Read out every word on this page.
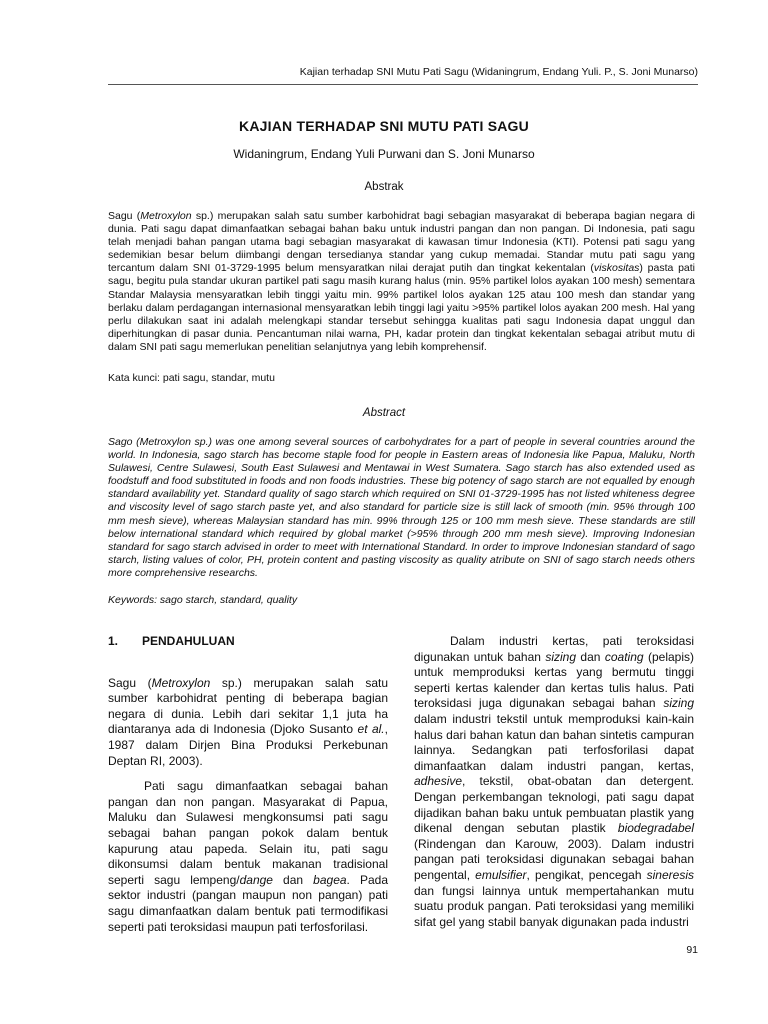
Kajian terhadap SNI Mutu Pati Sagu (Widaningrum, Endang Yuli. P., S. Joni Munarso)
KAJIAN TERHADAP SNI MUTU PATI SAGU
Widaningrum, Endang Yuli Purwani dan S. Joni Munarso
Abstrak

Sagu (Metroxylon sp.) merupakan salah satu sumber karbohidrat bagi sebagian masyarakat di beberapa bagian negara di dunia. Pati sagu dapat dimanfaatkan sebagai bahan baku untuk industri pangan dan non pangan. Di Indonesia, pati sagu telah menjadi bahan pangan utama bagi sebagian masyarakat di kawasan timur Indonesia (KTI). Potensi pati sagu yang sedemikian besar belum diimbangi dengan tersedianya standar yang cukup memadai. Standar mutu pati sagu yang tercantum dalam SNI 01-3729-1995 belum mensyaratkan nilai derajat putih dan tingkat kekentalan (viskositas) pasta pati sagu, begitu pula standar ukuran partikel pati sagu masih kurang halus (min. 95% partikel lolos ayakan 100 mesh) sementara Standar Malaysia mensyaratkan lebih tinggi yaitu min. 99% partikel lolos ayakan 125 atau 100 mesh dan standar yang berlaku dalam perdagangan internasional mensyaratkan lebih tinggi lagi yaitu >95% partikel lolos ayakan 200 mesh. Hal yang perlu dilakukan saat ini adalah melengkapi standar tersebut sehingga kualitas pati sagu Indonesia dapat unggul dan diperhitungkan di pasar dunia. Pencantuman nilai warna, PH, kadar protein dan tingkat kekentalan sebagai atribut mutu di dalam SNI pati sagu memerlukan penelitian selanjutnya yang lebih komprehensif.

Kata kunci: pati sagu, standar, mutu

Abstract

Sago (Metroxylon sp.) was one among several sources of carbohydrates for a part of people in several countries around the world. In Indonesia, sago starch has become staple food for people in Eastern areas of Indonesia like Papua, Maluku, North Sulawesi, Centre Sulawesi, South East Sulawesi and Mentawai in West Sumatera. Sago starch has also extended used as foodstuff and food substituted in foods and non foods industries. These big potency of sago starch are not equalled by enough standard availability yet. Standard quality of sago starch which required on SNI 01-3729-1995 has not listed whiteness degree and viscosity level of sago starch paste yet, and also standard for particle size is still lack of smooth (min. 95% through 100 mm mesh sieve), whereas Malaysian standard has min. 99% through 125 or 100 mm mesh sieve. These standards are still below international standard which required by global market (>95% through 200 mm mesh sieve). Improving Indonesian standard for sago starch advised in order to meet with International Standard. In order to improve Indonesian standard of sago starch, listing values of color, PH, protein content and pasting viscosity as quality atribute on SNI of sago starch needs others more comprehensive researchs.

Keywords: sago starch, standard, quality

1.	PENDAHULUAN

Sagu (Metroxylon sp.) merupakan salah satu sumber karbohidrat penting di beberapa bagian negara di dunia. Lebih dari sekitar 1,1 juta ha diantaranya ada di Indonesia (Djoko Susanto et al., 1987 dalam Dirjen Bina Produksi Perkebunan Deptan RI, 2003).

Pati sagu dimanfaatkan sebagai bahan pangan dan non pangan. Masyarakat di Papua, Maluku dan Sulawesi mengkonsumsi pati sagu sebagai bahan pangan pokok dalam bentuk kapurung atau papeda. Selain itu, pati sagu dikonsumsi dalam bentuk makanan tradisional seperti sagu lempeng/dange dan bagea. Pada sektor industri (pangan maupun non pangan) pati sagu dimanfaatkan dalam bentuk pati termodifikasi seperti pati teroksidasi maupun pati terfosforilasi.

Dalam industri kertas, pati teroksidasi digunakan untuk bahan sizing dan coating (pelapis) untuk memproduksi kertas yang bermutu tinggi seperti kertas kalender dan kertas tulis halus. Pati teroksidasi juga digunakan sebagai bahan sizing dalam industri tekstil untuk memproduksi kain-kain halus dari bahan katun dan bahan sintetis campuran lainnya. Sedangkan pati terfosforilasi dapat dimanfaatkan dalam industri pangan, kertas, adhesive, tekstil, obat-obatan dan detergent. Dengan perkembangan teknologi, pati sagu dapat dijadikan bahan baku untuk pembuatan plastik yang dikenal dengan sebutan plastik biodegradabel (Rindengan dan Karouw, 2003). Dalam industri pangan pati teroksidasi digunakan sebagai bahan pengental, emulsifier, pengikat, pencegah sineresis dan fungsi lainnya untuk mempertahankan mutu suatu produk pangan. Pati teroksidasi yang memiliki sifat gel yang stabil banyak digunakan pada industri

91
